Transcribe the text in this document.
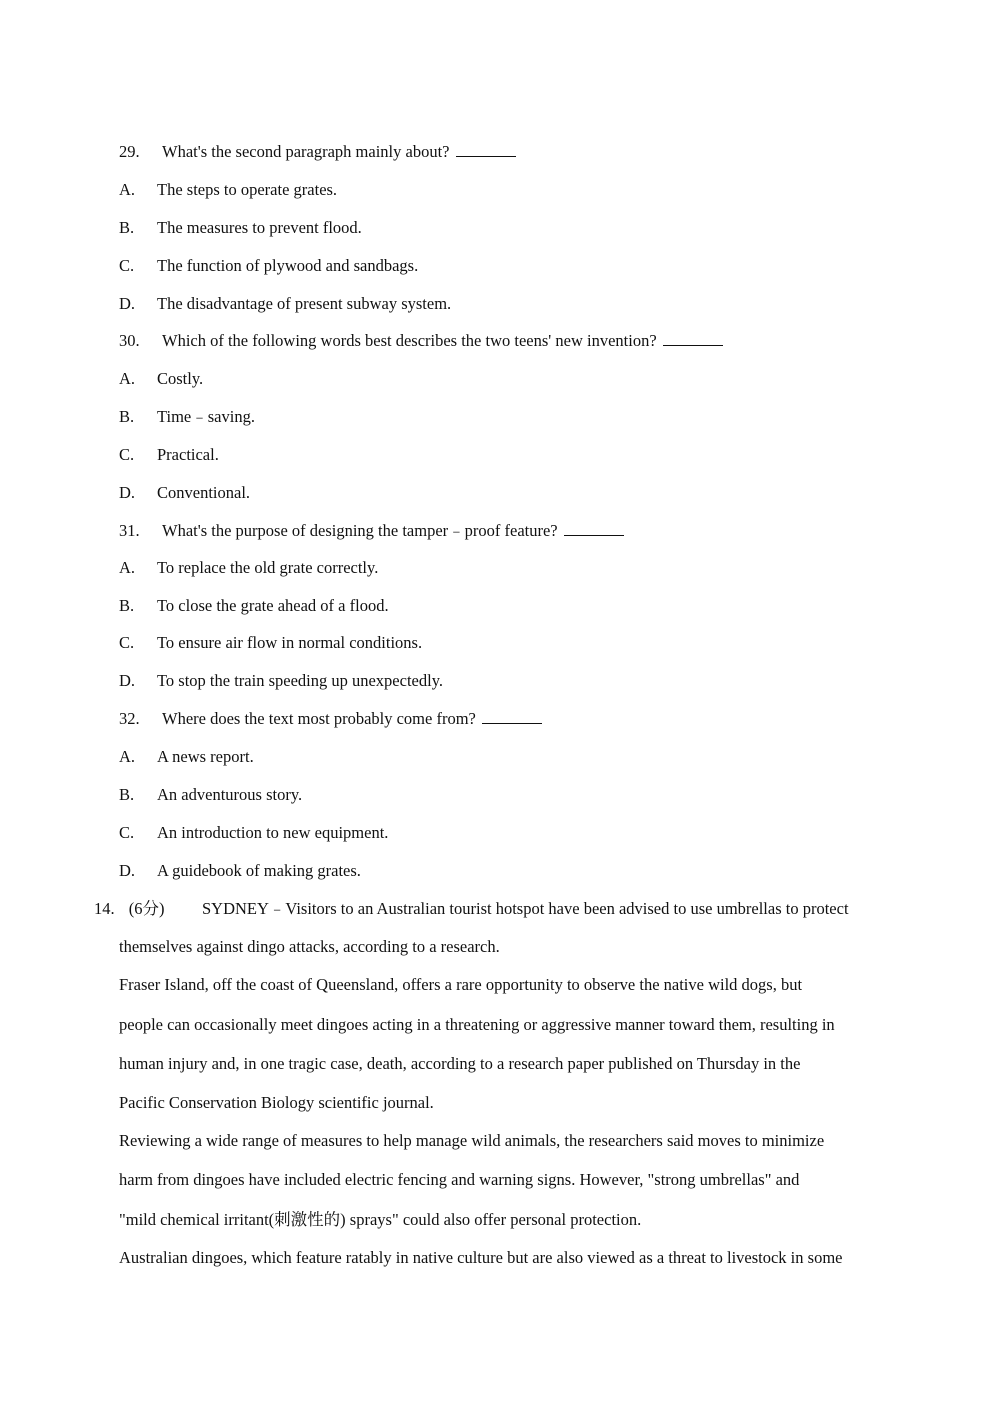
29. What's the second paragraph mainly about?
A. The steps to operate grates.
B. The measures to prevent flood.
C. The function of plywood and sandbags.
D. The disadvantage of present subway system.
30. Which of the following words best describes the two teens' new invention?
A. Costly.
B. Time﹣saving.
C. Practical.
D. Conventional.
31. What's the purpose of designing the tamper﹣proof feature?
A. To replace the old grate correctly.
B. To close the grate ahead of a flood.
C. To ensure air flow in normal conditions.
D. To stop the train speeding up unexpectedly.
32. Where does the text most probably come from?
A. A news report.
B. An adventurous story.
C. An introduction to new equipment.
D. A guidebook of making grates.
14. (6分) SYDNEY﹣Visitors to an Australian tourist hotspot have been advised to use umbrellas to protect
themselves against dingo attacks, according to a research.
Fraser Island, off the coast of Queensland, offers a rare opportunity to observe the native wild dogs, but
people can occasionally meet dingoes acting in a threatening or aggressive manner toward them, resulting in
human injury and, in one tragic case, death, according to a research paper published on Thursday in the
Pacific Conservation Biology scientific journal.
Reviewing a wide range of measures to help manage wild animals, the researchers said moves to minimize
harm from dingoes have included electric fencing and warning signs. However, "strong umbrellas" and
"mild chemical irritant(刺激性的) sprays" could also offer personal protection.
Australian dingoes, which feature ratably in native culture but are also viewed as a threat to livestock in some
